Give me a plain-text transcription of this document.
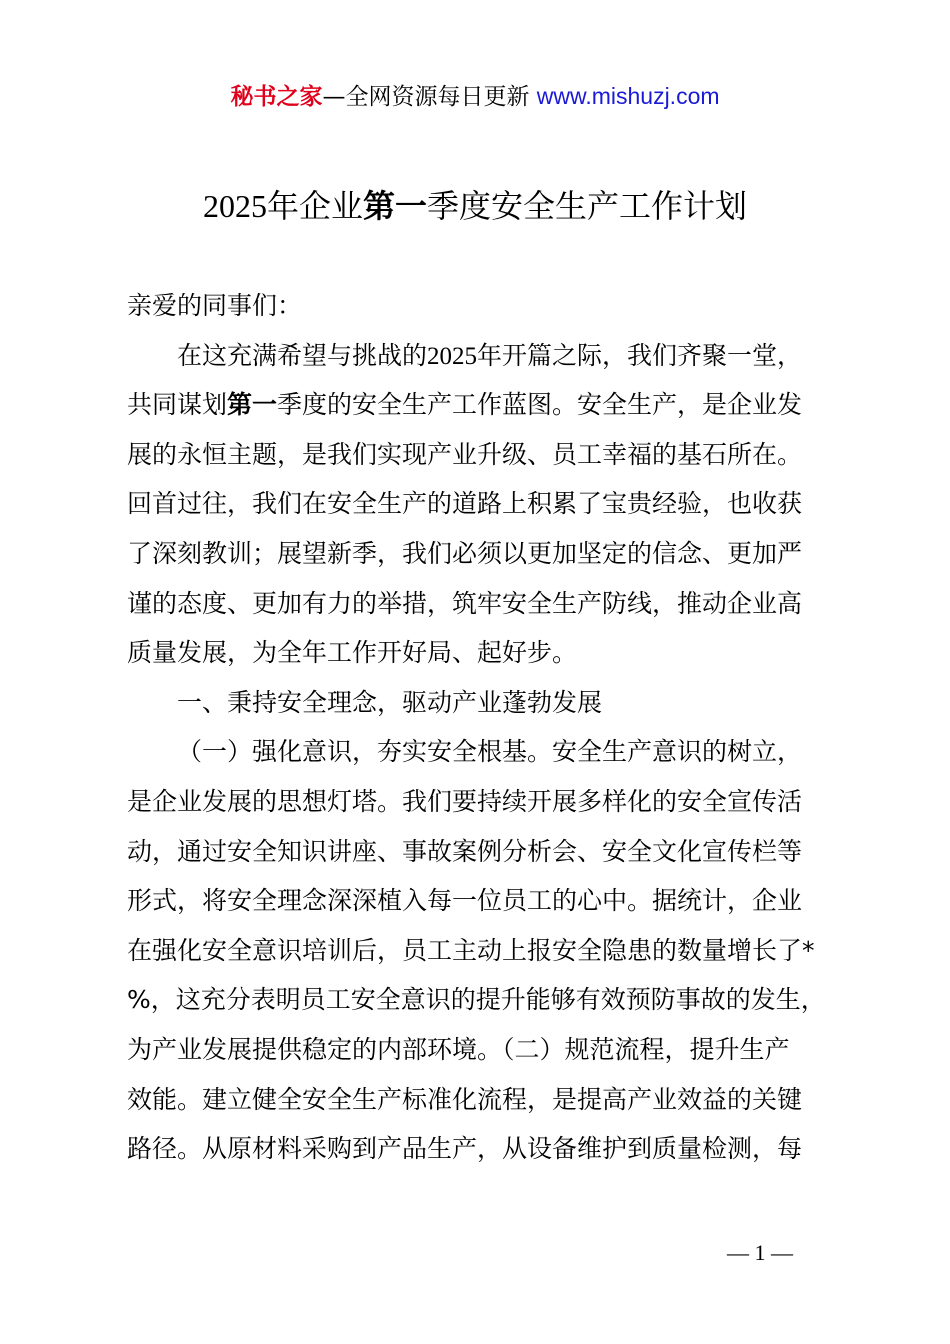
秘书之家—全网资源每日更新 www.mishuzj.com
2025年企业第一季度安全生产工作计划
亲爱的同事们：
在这充满希望与挑战的2025年开篇之际，我们齐聚一堂，
共同谋划第一季度的安全生产工作蓝图。安全生产，是企业发
展的永恒主题，是我们实现产业升级、员工幸福的基石所在。
回首过往，我们在安全生产的道路上积累了宝贵经验，也收获
了深刻教训；展望新季，我们必须以更加坚定的信念、更加严
谨的态度、更加有力的举措，筑牢安全生产防线，推动企业高
质量发展，为全年工作开好局、起好步。
一、秉持安全理念，驱动产业蓬勃发展
（一）强化意识，夯实安全根基。安全生产意识的树立，
是企业发展的思想灯塔。我们要持续开展多样化的安全宣传活
动，通过安全知识讲座、事故案例分析会、安全文化宣传栏等
形式，将安全理念深深植入每一位员工的心中。据统计，企业
在强化安全意识培训后，员工主动上报安全隐患的数量增长了*
%，这充分表明员工安全意识的提升能够有效预防事故的发生，
为产业发展提供稳定的内部环境。（二）规范流程，提升生产
效能。建立健全安全生产标准化流程，是提高产业效益的关键
路径。从原材料采购到产品生产，从设备维护到质量检测，每
— 1 —
